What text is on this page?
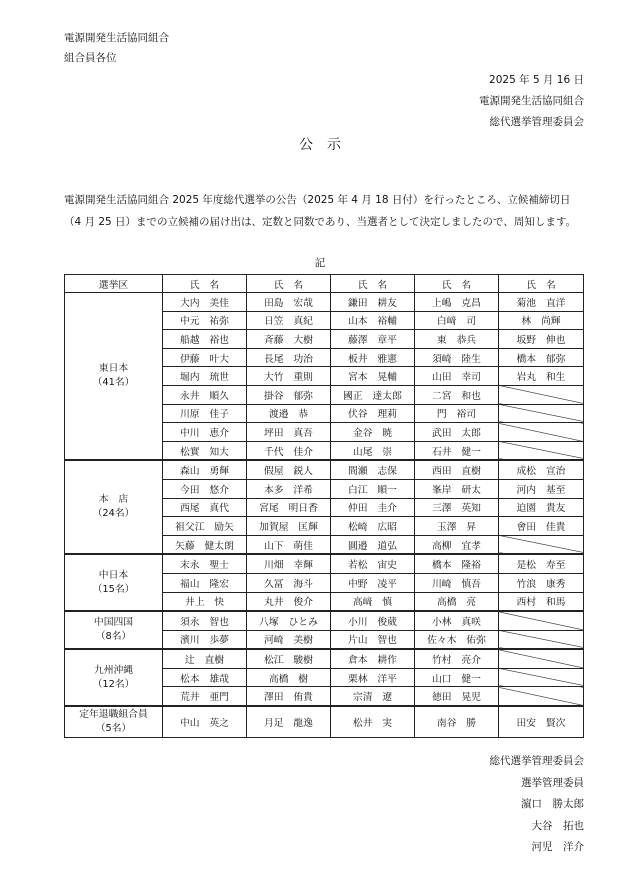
電源開発生活協同組合
組合員各位
2025 年 5 月 16 日
電源開発生活協同組合
総代選挙管理委員会
公示
電源開発生活協同組合 2025 年度総代選挙の公告（2025 年 4 月 18 日付）を行ったところ、立候補締切日（4 月 25 日）までの立候補の届け出は、定数と同数であり、当選者として決定しましたので、周知します。
記
選挙区	氏　名	氏　名	氏　名	氏　名	氏　名

東日本
（41名）	大内　美佳	田島　宏哉	鎌田　耕友	上嶋　克昌	菊池　直洋
	中元　祐弥	日笠　真紀	山本　裕輔	白﨑　司	林　尚輝
	船越　裕也	斉藤　大樹	藤澤　章平	東　恭兵	坂野　伸也
	伊藤　叶大	長尾　功治	板井　雅憲	須崎　陸生	橋本　郁弥
	堀内　琉世	大竹　重則	宮本　晃輔	山田　幸司	岩丸　和生
	永井　順久	掛谷　郁弥	國正　達太郎	二宮　和也	
	川原　佳子	渡邉　恭	伏谷　理莉	門　裕司	
	中川　恵介	坪田　真吾	金谷　暁	武田　太郎	
	松實　知大	千代　佳介	山尾　崇	石井　健一	

本　店
（24名）	森山　勇輝	假屋　鋭人	間瀬　志保	西田　直樹	成松　宣治
	今田　悠介	本多　洋希	白江　順一	峯岸　研太	河内　基至
	西尾　真代	宮尾　明日香	仲田　圭介	三澤　英知	迫園　貴友
	祖父江　励矢	加賀屋　匡輝	松崎　広昭	玉澤　昇	會田　佳貴
	矢藤　健太朗	山下　萌佳	圓邉　道弘	高柳　宜孝	

中日本
（15名）	末永　聖士	川畑　幸輝	若松　宙史	橋本　隆裕	是松　寿至
	福山　隆宏	久冨　海斗	中野　凌平	川崎　慎吾	竹浪　康秀
	井上　快	丸井　俊介	高﨑　慎	高橋　亮	西村　和馬

中国四国
（8名）	須永　智也	八塚　ひとみ	小川　俊葳	小林　真咲	
	濱川　歩夢	河崎　美樹	片山　智也	佐々木　佑弥	

九州沖縄
（12名）	辻　直樹	松江　駿樹	倉本　耕作	竹村　亮介	
	松本　雄哉	高橋　樹	栗林　洋平	山口　健一	
	荒井　亜門	澤田　侑貴	宗清　遼	徳田　晃児	

定年退職組合員
（5名）	中山　英之	月足　龍逸	松井　実	南谷　勝	田安　賢次
総代選挙管理委員会
選挙管理委員
濵口　勝太郎
大谷　拓也
河児　洋介
